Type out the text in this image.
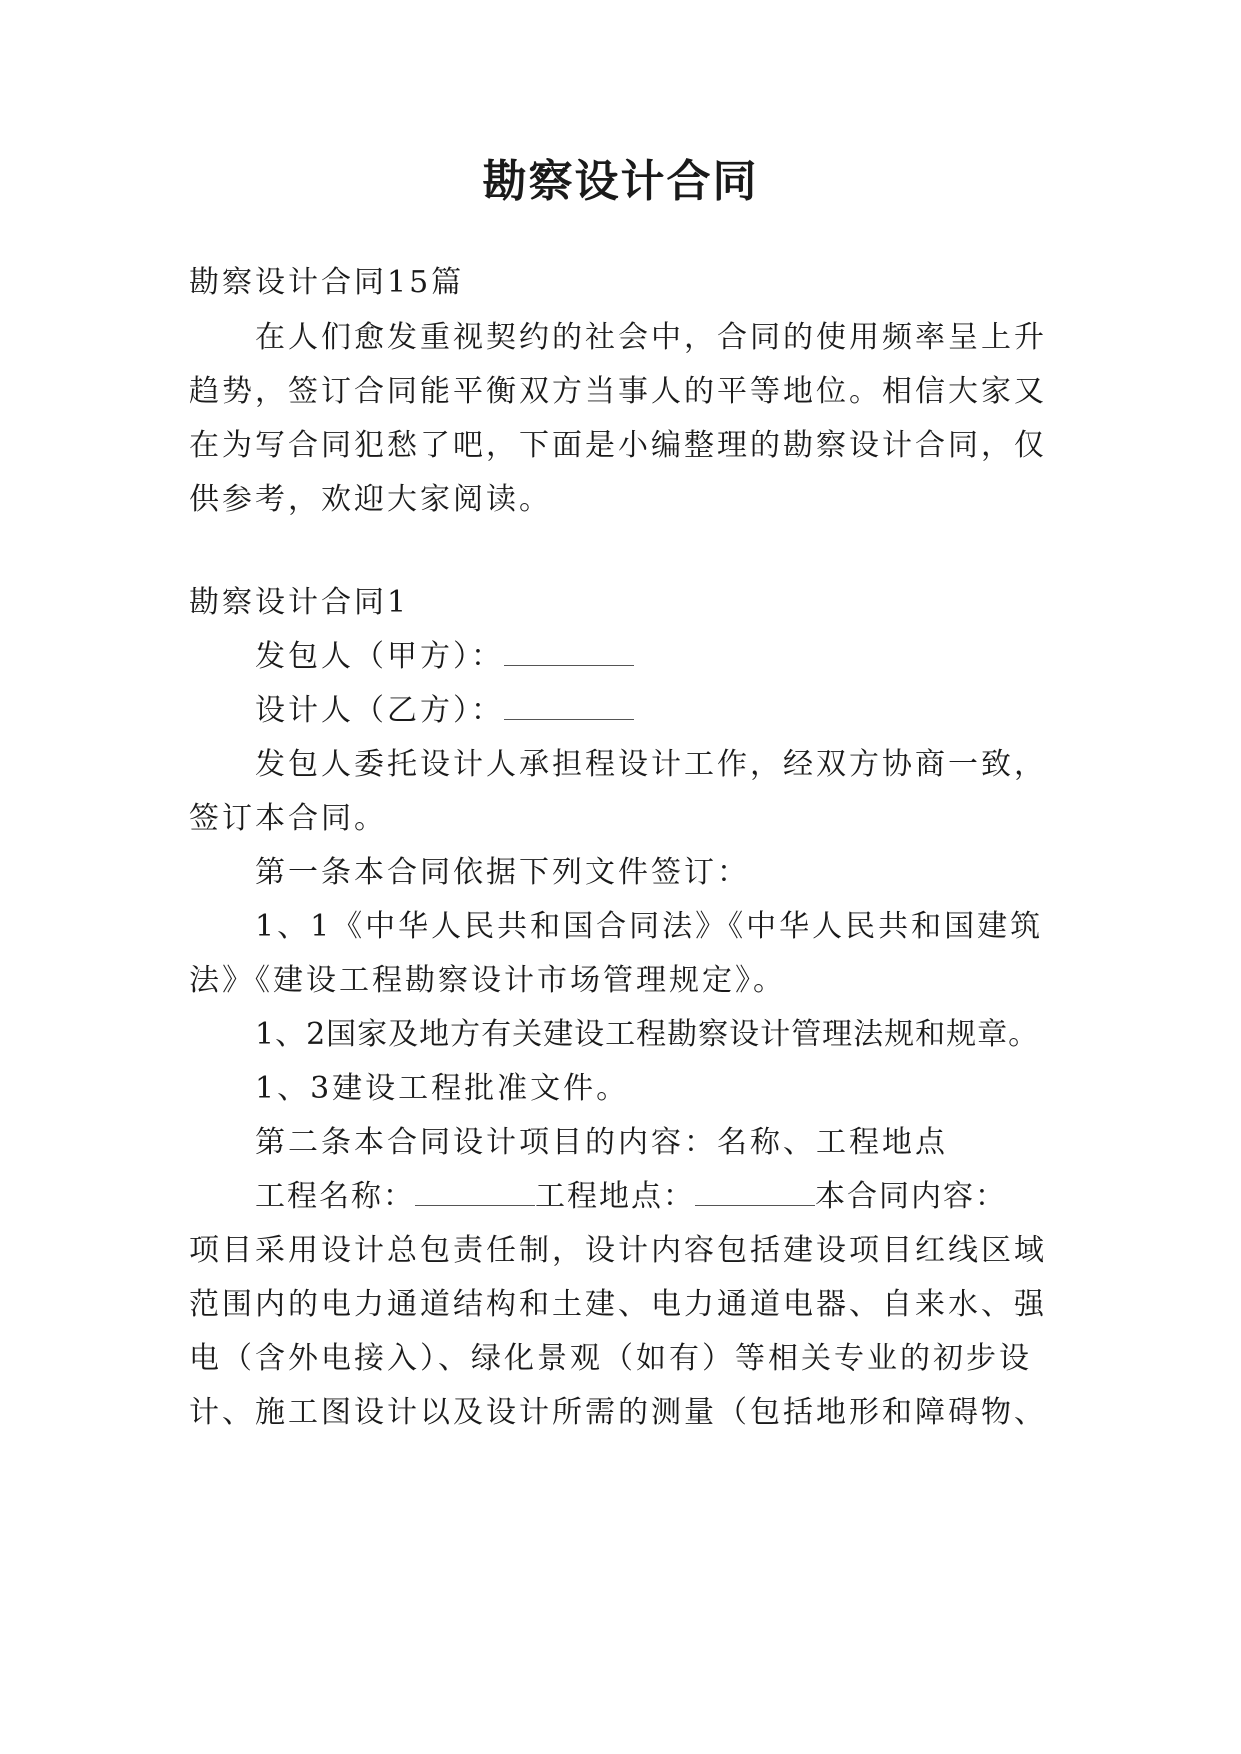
勘察设计合同
勘察设计合同15篇
在人们愈发重视契约的社会中，合同的使用频率呈上升
趋势，签订合同能平衡双方当事人的平等地位。相信大家又
在为写合同犯愁了吧，下面是小编整理的勘察设计合同，仅
供参考，欢迎大家阅读。
勘察设计合同1
发包人（甲方）：
设计人（乙方）：
发包人委托设计人承担程设计工作，经双方协商一致，
签订本合同。
第一条本合同依据下列文件签订：
1、1《中华人民共和国合同法》《中华人民共和国建筑
法》《建设工程勘察设计市场管理规定》。
1、2国家及地方有关建设工程勘察设计管理法规和规章。
1、3建设工程批准文件。
第二条本合同设计项目的内容：名称、工程地点
工程名称：	工程地点：	本合同内容：
项目采用设计总包责任制，设计内容包括建设项目红线区域
范围内的电力通道结构和土建、电力通道电器、自来水、强
电（含外电接入）、绿化景观（如有）等相关专业的初步设
计、施工图设计以及设计所需的测量（包括地形和障碍物、
